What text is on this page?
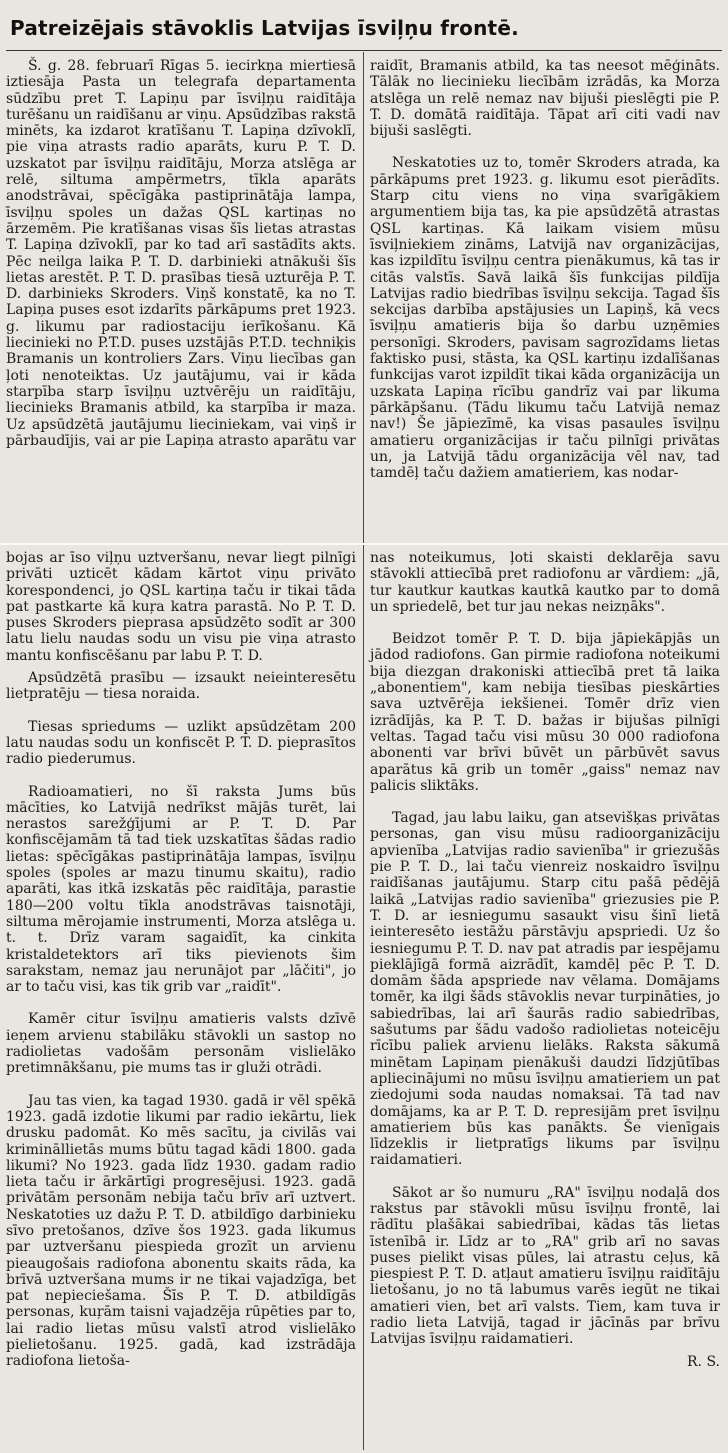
Patreizējais stāvoklis Latvijas īsviļņu frontē.

Š. g. 28. februarī Rīgas 5. iecirkņa miertiesā iztiesāja Pasta un telegrafa departamenta sūdzību pret T. Lapiņu par īsviļņu raidītāja turēšanu un raidīšanu ar viņu. Apsūdzības rakstā minēts, ka izdarot kratīšanu T. Lapiņa dzīvoklī, pie viņa atrasts radio aparāts, kuru P. T. D. uzskatot par īsviļņu raidītāju, Morza atslēga ar relē, siltuma ampērmetrs, tīkla aparāts anodstrāvai, spēcīgāka pastiprinātāja lampa, īsviļņu spoles un dažas QSL kartiņas no ārzemēm. Pie kratīšanas visas šīs lietas atrastas T. Lapiņa dzīvoklī, par ko tad arī sastādīts akts. Pēc neilga laika P. T. D. darbinieki atnākuši šīs lietas arestēt. P. T. D. prasības tiesā uzturēja P. T. D. darbinieks Skroders. Viņš konstatē, ka no T. Lapiņa puses esot izdarīts pārkāpums pret 1923. g. likumu par radiostaciju ierīkošanu. Kā liecinieki no P.T.D. puses uzstājās P.T.D. techniķis Bramanis un kontroliers Zars. Viņu liecības gan ļoti nenoteiktas. Uz jautājumu, vai ir kāda starpība starp īsviļņu uztvērēju un raidītāju, liecinieks Bramanis atbild, ka starpība ir maza. Uz apsūdzētā jautājumu lieciniekam, vai viņš ir pārbaudījis, vai ar pie Lapiņa atrasto aparātu var

raidīt, Bramanis atbild, ka tas neesot mēģināts. Tālāk no liecinieku liecībām izrādās, ka Morza atslēga un relē nemaz nav bijuši pieslēgti pie P. T. D. domātā raidītāja. Tāpat arī citi vadi nav bijuši saslēgti.

Neskatoties uz to, tomēr Skroders atrada, ka pārkāpums pret 1923. g. likumu esot pierādīts. Starp citu viens no viņa svarīgākiem argumentiem bija tas, ka pie apsūdzētā atrastas QSL kartiņas. Kā laikam visiem mūsu īsviļniekiem zināms, Latvijā nav organizācijas, kas izpildītu īsviļņu centra pienākumus, kā tas ir citās valstīs. Savā laikā šīs funkcijas pildīja Latvijas radio biedrības īsviļņu sekcija. Tagad šīs sekcijas darbība apstājusies un Lapiņš, kā vecs īsviļņu amatieris bija šo darbu uzņēmies personīgi. Skroders, pavisam sagrozīdams lietas faktisko pusi, stāsta, ka QSL kartiņu izdalīšanas funkcijas varot izpildīt tikai kāda organizācija un uzskata Lapiņa rīcību gandrīz vai par likuma pārkāpšanu. (Tādu likumu taču Latvijā nemaz nav!) Še jāpiezīmē, ka visas pasaules īsviļņu amatieru organizācijas ir taču pilnīgi privātas un, ja Latvijā tādu organizācija vēl nav, tad tamdēļ taču dažiem amatieriem, kas nodar-

bojas ar īso viļņu uztveršanu, nevar liegt pilnīgi privāti uzticēt kādam kārtot viņu privāto korespondenci, jo QSL kartiņa taču ir tikai tāda pat pastkarte kā kuŗa katra parastā. No P. T. D. puses Skroders pieprasa apsūdzēto sodīt ar 300 latu lielu naudas sodu un visu pie viņa atrasto mantu konfiscēšanu par labu P. T. D.

Apsūdzētā prasību — izsaukt neieinteresētu lietpratēju — tiesa noraida.

Tiesas spriedums — uzlikt apsūdzētam 200 latu naudas sodu un konfiscēt P. T. D. pieprasītos radio piederumus.

Radioamatieri, no šī raksta Jums būs mācīties, ko Latvijā nedrīkst mājās turēt, lai nerastos sarežģījumi ar P. T. D. Par konfiscējamām tā tad tiek uzskatītas šādas radio lietas: spēcīgākas pastiprinātāja lampas, īsviļņu spoles (spoles ar mazu tinumu skaitu), radio aparāti, kas itkā izskatās pēc raidītāja, parastie 180—200 voltu tīkla anodstrāvas taisnotāji, siltuma mērojamie instrumenti, Morza atslēga u. t. t. Drīz varam sagaidīt, ka cinkita kristaldetektors arī tiks pievienots šim sarakstam, nemaz jau nerunājot par „lāčiti", jo ar to taču visi, kas tik grib var „raidīt".

Kamēr citur īsviļņu amatieris valsts dzīvē ieņem arvienu stabilāku stāvokli un sastop no radiolietas vadošām personām vislielāko pretimnākšanu, pie mums tas ir gluži otrādi.

Jau tas vien, ka tagad 1930. gadā ir vēl spēkā 1923. gadā izdotie likumi par radio iekārtu, liek drusku padomāt. Ko mēs sacītu, ja civilās vai krimināllietās mums būtu tagad kādi 1800. gada likumi? No 1923. gada līdz 1930. gadam radio lieta taču ir ārkārtīgi progresējusi. 1923. gadā privātām personām nebija taču brīv arī uztvert. Neskatoties uz dažu P. T. D. atbildīgo darbinieku sīvo pretošanos, dzīve šos 1923. gada likumus par uztveršanu piespieda grozīt un arvienu pieaugošais radiofona abonentu skaits rāda, ka brīvā uztveršana mums ir ne tikai vajadzīga, bet pat nepieciešama. Šīs P. T. D. atbildīgās personas, kuŗām taisni vajadzēja rūpēties par to, lai radio lietas mūsu valstī atrod vislielāko pielietošanu. 1925. gadā, kad izstrādāja radiofona lietoša-

nas noteikumus, ļoti skaisti deklarēja savu stāvokli attiecībā pret radiofonu ar vārdiem: „jā, tur kautkur kautkas kautkā kautko par to domā un spriedelē, bet tur jau nekas neizņāks".

Beidzot tomēr P. T. D. bija jāpiekāpjās un jādod radiofons. Gan pirmie radiofona noteikumi bija diezgan drakoniski attiecībā pret tā laika „abonentiem", kam nebija tiesības pieskārties sava uztvērēja iekšienei. Tomēr drīz vien izrādījās, ka P. T. D. bažas ir bijušas pilnīgi veltas. Tagad taču visi mūsu 30 000 radiofona abonenti var brīvi būvēt un pārbūvēt savus aparātus kā grib un tomēr „gaiss" nemaz nav palicis sliktāks.

Tagad, jau labu laiku, gan atsevišķas privātas personas, gan visu mūsu radioorganizāciju apvienība „Latvijas radio savienība" ir griezušās pie P. T. D., lai taču vienreiz noskaidro īsviļņu raidīšanas jautājumu. Starp citu pašā pēdējā laikā „Latvijas radio savienība" griezusies pie P. T. D. ar iesniegumu sasaukt visu šinī lietā ieinteresēto iestāžu pārstāvju apspriedi. Uz šo iesniegumu P. T. D. nav pat atradis par iespējamu pieklājīgā formā aizrādīt, kamdēļ pēc P. T. D. domām šāda apspriede nav vēlama. Domājams tomēr, ka ilgi šāds stāvoklis nevar turpināties, jo sabiedrības, lai arī šaurās radio sabiedrības, sašutums par šādu vadošo radiolietas noteicēju rīcību paliek arvienu lielāks. Raksta sākumā minētam Lapiņam pienākuši daudzi līdzjūtības apliecinājumi no mūsu īsviļņu amatieriem un pat ziedojumi soda naudas nomaksai. Tā tad nav domājams, ka ar P. T. D. represijām pret īsviļņu amatieriem būs kas panākts. Še vienīgais līdzeklis ir lietpratīgs likums par īsviļņu raidamatieri.

Sākot ar šo numuru „RA" īsviļņu nodaļā dos rakstus par stāvokli mūsu īsviļņu frontē, lai rādītu plašākai sabiedrībai, kādas tās lietas īstenībā ir. Līdz ar to „RA" grib arī no savas puses pielikt visas pūles, lai atrastu ceļus, kā piespiest P. T. D. atļaut amatieru īsviļņu raidītāju lietošanu, jo no tā labumus varēs iegūt ne tikai amatieri vien, bet arī valsts. Tiem, kam tuva ir radio lieta Latvijā, tagad ir jācīnās par brīvu Latvijas īsviļņu raidamatieri.

R. S.
